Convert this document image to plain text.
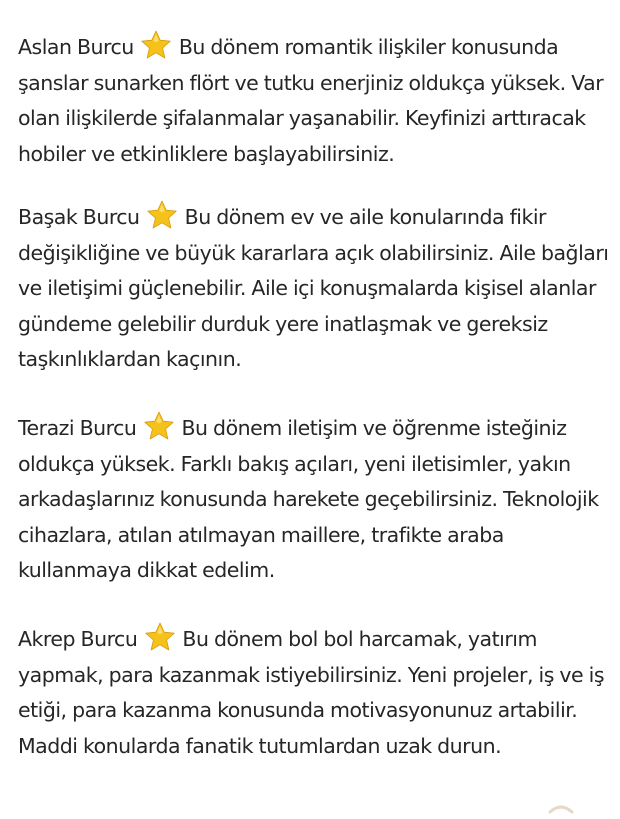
Aslan Burcu Bu dönem romantik ilişkiler konusunda şanslar sunarken flört ve tutku enerjiniz oldukça yüksek. Var olan ilişkilerde şifalanmalar yaşanabilir. Keyfinizi arttıracak hobiler ve etkinliklere başlayabilirsiniz.

Başak Burcu Bu dönem ev ve aile konularında fikir değişikliğine ve büyük kararlara açık olabilirsiniz. Aile bağları ve iletişimi güçlenebilir. Aile içi konuşmalarda kişisel alanlar gündeme gelebilir durduk yere inatlaşmak ve gereksiz taşkınlıklardan kaçının.

Terazi Burcu Bu dönem iletişim ve öğrenme isteğiniz oldukça yüksek. Farklı bakış açıları, yeni iletisimler, yakın arkadaşlarınız konusunda harekete geçebilirsiniz. Teknolojik cihazlara, atılan atılmayan maillere, trafikte araba kullanmaya dikkat edelim.

Akrep Burcu Bu dönem bol bol harcamak, yatırım yapmak, para kazanmak istiyebilirsiniz. Yeni projeler, iş ve iş etiği, para kazanma konusunda motivasyonunuz artabilir. Maddi konularda fanatik tutumlardan uzak durun.
